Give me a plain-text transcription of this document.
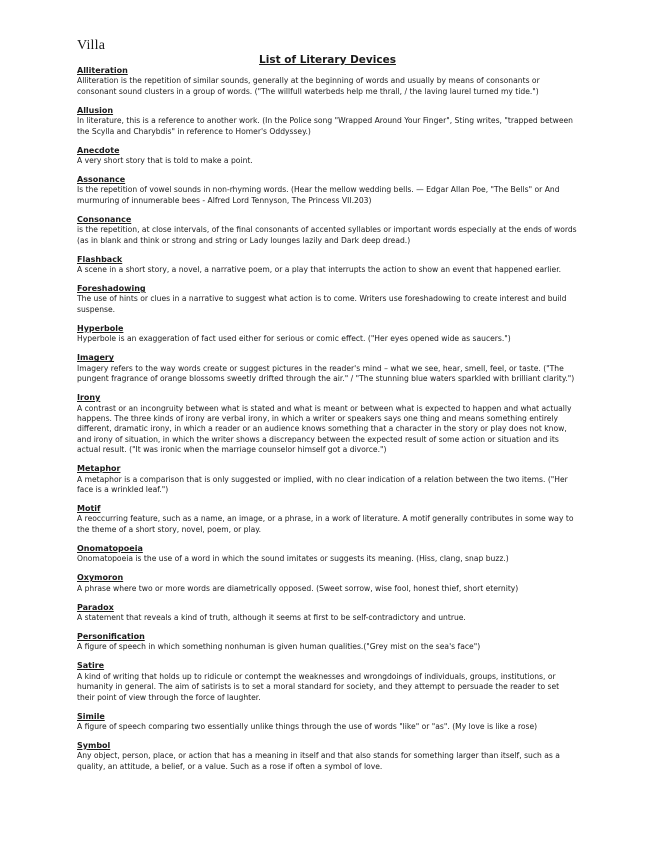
Villa
List of Literary Devices
Alliteration
Alliteration is the repetition of similar sounds, generally at the beginning of words and usually by means of consonants or consonant sound clusters in a group of words. ("The willfull waterbeds help me thrall, / the laving laurel turned my tide.")
Allusion
In literature, this is a reference to another work. (In the Police song "Wrapped Around Your Finger", Sting writes, "trapped between the Scylla and Charybdis" in reference to Homer's Oddyssey.)
Anecdote
A very short story that is told to make a point.
Assonance
Is the repetition of vowel sounds in non-rhyming words. (Hear the mellow wedding bells. — Edgar Allan Poe, "The Bells" or And murmuring of innumerable bees - Alfred Lord Tennyson, The Princess VII.203)
Consonance
is the repetition, at close intervals, of the final consonants of accented syllables or important words especially at the ends of words (as in blank and think or strong and string or Lady lounges lazily and Dark deep dread.)
Flashback
A scene in a short story, a novel, a narrative poem, or a play that interrupts the action to show an event that happened earlier.
Foreshadowing
The use of hints or clues in a narrative to suggest what action is to come. Writers use foreshadowing to create interest and build suspense.
Hyperbole
Hyperbole is an exaggeration of fact used either for serious or comic effect. ("Her eyes opened wide as saucers.")
Imagery
Imagery refers to the way words create or suggest pictures in the reader's mind – what we see, hear, smell, feel, or taste. ("The pungent fragrance of orange blossoms sweetly drifted through the air." / "The stunning blue waters sparkled with brilliant clarity.")
Irony
A contrast or an incongruity between what is stated and what is meant or between what is expected to happen and what actually happens. The three kinds of irony are verbal irony, in which a writer or speakers says one thing and means something entirely different, dramatic irony, in which a reader or an audience knows something that a character in the story or play does not know, and irony of situation, in which the writer shows a discrepancy between the expected result of some action or situation and its actual result. ("It was ironic when the marriage counselor himself got a divorce.")
Metaphor
A metaphor is a comparison that is only suggested or implied, with no clear indication of a relation between the two items. ("Her face is a wrinkled leaf.")
Motif
A reoccurring feature, such as a name, an image, or a phrase, in a work of literature. A motif generally contributes in some way to the theme of a short story, novel, poem, or play.
Onomatopoeia
Onomatopoeia is the use of a word in which the sound imitates or suggests its meaning. (Hiss, clang, snap buzz.)
Oxymoron
A phrase where two or more words are diametrically opposed. (Sweet sorrow, wise fool, honest thief, short eternity)
Paradox
A statement that reveals a kind of truth, although it seems at first to be self-contradictory and untrue.
Personification
A figure of speech in which something nonhuman is given human qualities.("Grey mist on the sea's face")
Satire
A kind of writing that holds up to ridicule or contempt the weaknesses and wrongdoings of individuals, groups, institutions, or humanity in general. The aim of satirists is to set a moral standard for society, and they attempt to persuade the reader to set their point of view through the force of laughter.
Simile
A figure of speech comparing two essentially unlike things through the use of words "like" or "as". (My love is like a rose)
Symbol
Any object, person, place, or action that has a meaning in itself and that also stands for something larger than itself, such as a quality, an attitude, a belief, or a value. Such as a rose if often a symbol of love.
